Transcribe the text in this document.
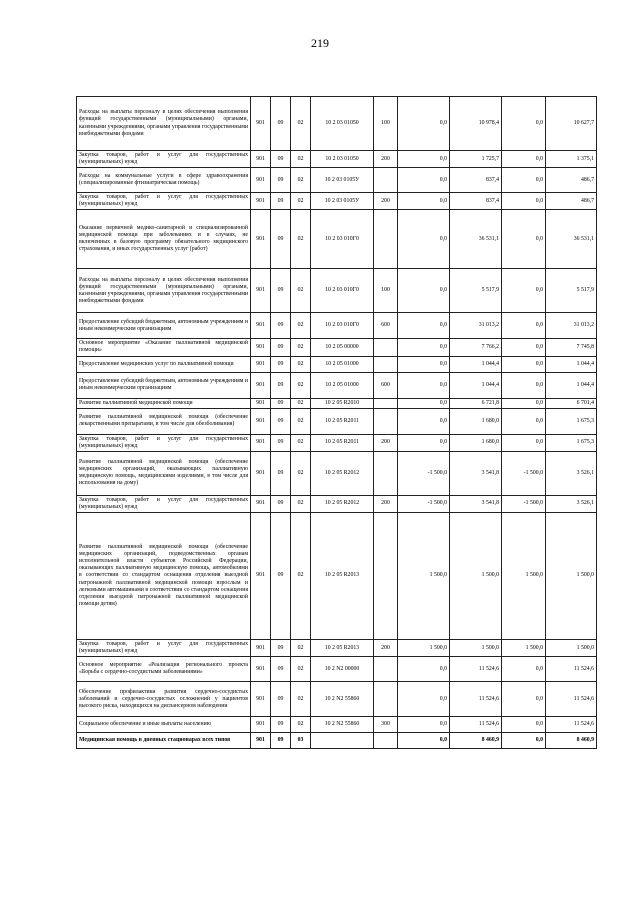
219
Расходы на выплаты персоналу в целях обеспечения выполнения функций государственными (муниципальными) органами, казенными учреждениями, органами управления государственными внебюджетными фондами	901	09	02	10 2 03 01050	100	0,0	10 978,4	0,0	10 627,7
Закупка товаров, работ и услуг для государственных (муниципальных) нужд	901	09	02	10 2 03 01050	200	0,0	1 725,7	0,0	1 375,1
Расходы на коммунальные услуги в сфере здравоохранения (специализированные фтизиатрическая помощь)	901	09	02	10 2 03 0105У		0,0	837,4	0,0	486,7
Закупка товаров, работ и услуг для государственных (муниципальных) нужд	901	09	02	10 2 03 0105У	200	0,0	837,4	0,0	486,7
Оказание первичной медико-санитарной и специализированной медицинской помощи при заболеваниях и в случаях, не включенных в базовую программу обязательного медицинского страхования, и иных государственных услуг (работ)	901	09	02	10 2 03 010Г0		0,0	36 531,1	0,0	36 531,1
Расходы на выплаты персоналу в целях обеспечения выполнения функций государственными (муниципальными) органами, казенными учреждениями, органами управления государственными внебюджетными фондами	901	09	02	10 2 03 010Г0	100	0,0	5 517,9	0,0	5 517,9
Предоставление субсидий бюджетным, автономным учреждениям и иным некоммерческим организациям	901	09	02	10 2 03 010Г0	600	0,0	31 013,2	0,0	31 013,2
Основное мероприятие «Оказание паллиативной медицинской помощи»	901	09	02	10 2 05 00000		0,0	7 766,2	0,0	7 745,8
Предоставление медицинских услуг по паллиативной помощи	901	09	02	10 2 05 01000		0,0	1 044,4	0,0	1 044,4
Предоставление субсидий бюджетным, автономным учреждениям и иным некоммерческим организациям	901	09	02	10 2 05 01000	600	0,0	1 044,4	0,0	1 044,4
Развитие паллиативной медицинской помощи	901	09	02	10 2 05 R2010		0,0	6 721,8	0,0	6 701,4
Развитие паллиативной медицинской помощи (обеспечение лекарственными препаратами, в том числе для обезболивания)	901	09	02	10 2 05 R2011		0,0	1 680,0	0,0	1 675,3
Закупка товаров, работ и услуг для государственных (муниципальных) нужд	901	09	02	10 2 05 R2011	200	0,0	1 680,0	0,0	1 675,3
Развитие паллиативной медицинской помощи (обеспечение медицинских организаций, оказывающих паллиативную медицинскую помощь, медицинскими изделиями, в том числе для использования на дому)	901	09	02	10 2 05 R2012		-1 500,0	3 541,8	-1 500,0	3 526,1
Закупка товаров, работ и услуг для государственных (муниципальных) нужд	901	09	02	10 2 05 R2012	200	-1 500,0	3 541,8	-1 500,0	3 526,1
Развитие паллиативной медицинской помощи (обеспечение медицинских организаций, подведомственных органам исполнительной власти субъектов Российской Федерации, оказывающих паллиативную медицинскую помощь, автомобилями в соответствии со стандартом оснащения отделения выездной патронажной паллиативной медицинской помощи взрослым и легковыми автомашинами в соответствии со стандартом оснащения отделения выездной патронажной паллиативной медицинской помощи детям)	901	09	02	10 2 05 R2013		1 500,0	1 500,0	1 500,0	1 500,0
Закупка товаров, работ и услуг для государственных (муниципальных) нужд	901	09	02	10 2 05 R2013	200	1 500,0	1 500,0	1 500,0	1 500,0
Основное мероприятие «Реализация регионального проекта «Борьба с сердечно-сосудистыми заболеваниями»	901	09	02	10 2 N2 00000		0,0	11 524,6	0,0	11 524,6
Обеспечение профилактики развития сердечно-сосудистых заболеваний и сердечно-сосудистых осложнений у пациентов высокого риска, находящихся на диспансерном наблюдении	901	09	02	10 2 N2 55860		0,0	11 524,6	0,0	11 524,6
Социальное обеспечение и иные выплаты населению	901	09	02	10 2 N2 55860	300	0,0	11 524,6	0,0	11 524,6
Медицинская помощь в дневных стационарах всех типов	901	09	03			0,0	8 460,9	0,0	8 460,9
